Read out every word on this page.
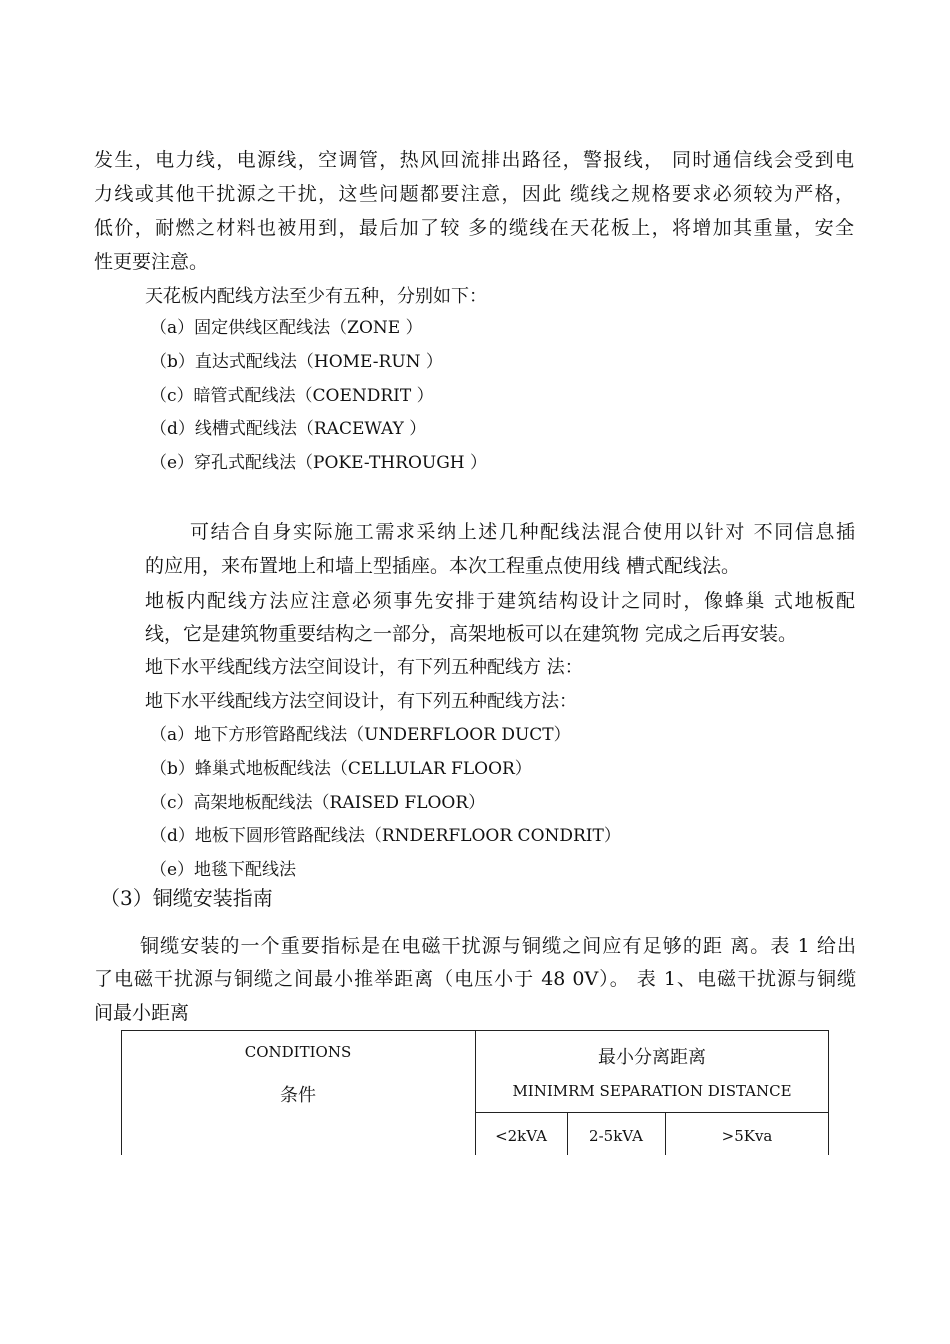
发生，电力线，电源线，空调管，热风回流排出路径，警报线， 同时通信线会受到电
力线或其他干扰源之干扰，这些问题都要注意，因此 缆线之规格要求必须较为严格，
低价，耐燃之材料也被用到，最后加了较 多的缆线在天花板上，将增加其重量，安全
性更要注意。
天花板内配线方法至少有五种，分别如下：
（a）固定供线区配线法（ZONE ）
（b）直达式配线法（HOME-RUN ）
（c）暗管式配线法（COENDRIT ）
（d）线槽式配线法（RACEWAY ）
（e）穿孔式配线法（POKE-THROUGH ）
可结合自身实际施工需求采纳上述几种配线法混合使用以针对 不同信息插
的应用，来布置地上和墙上型插座。本次工程重点使用线 槽式配线法。
地板内配线方法应注意必须事先安排于建筑结构设计之同时，像蜂巢 式地板配
线，它是建筑物重要结构之一部分，高架地板可以在建筑物 完成之后再安装。
地下水平线配线方法空间设计，有下列五种配线方 法：
地下水平线配线方法空间设计，有下列五种配线方法：
（a）地下方形管路配线法（UNDERFLOOR DUCT）
（b）蜂巢式地板配线法（CELLULAR FLOOR）
（c）高架地板配线法（RAISED FLOOR）
（d）地板下圆形管路配线法（RNDERFLOOR CONDRIT）
（e）地毯下配线法
（3）铜缆安装指南
铜缆安装的一个重要指标是在电磁干扰源与铜缆之间应有足够的距 离。表 1 给出
了电磁干扰源与铜缆之间最小推举距离（电压小于 48 0V）。 表 1、电磁干扰源与铜缆
间最小距离
CONDITIONS
条件
最小分离距离
MINIMRM SEPARATION DISTANCE
<2kVA	2-5kVA	>5Kva
